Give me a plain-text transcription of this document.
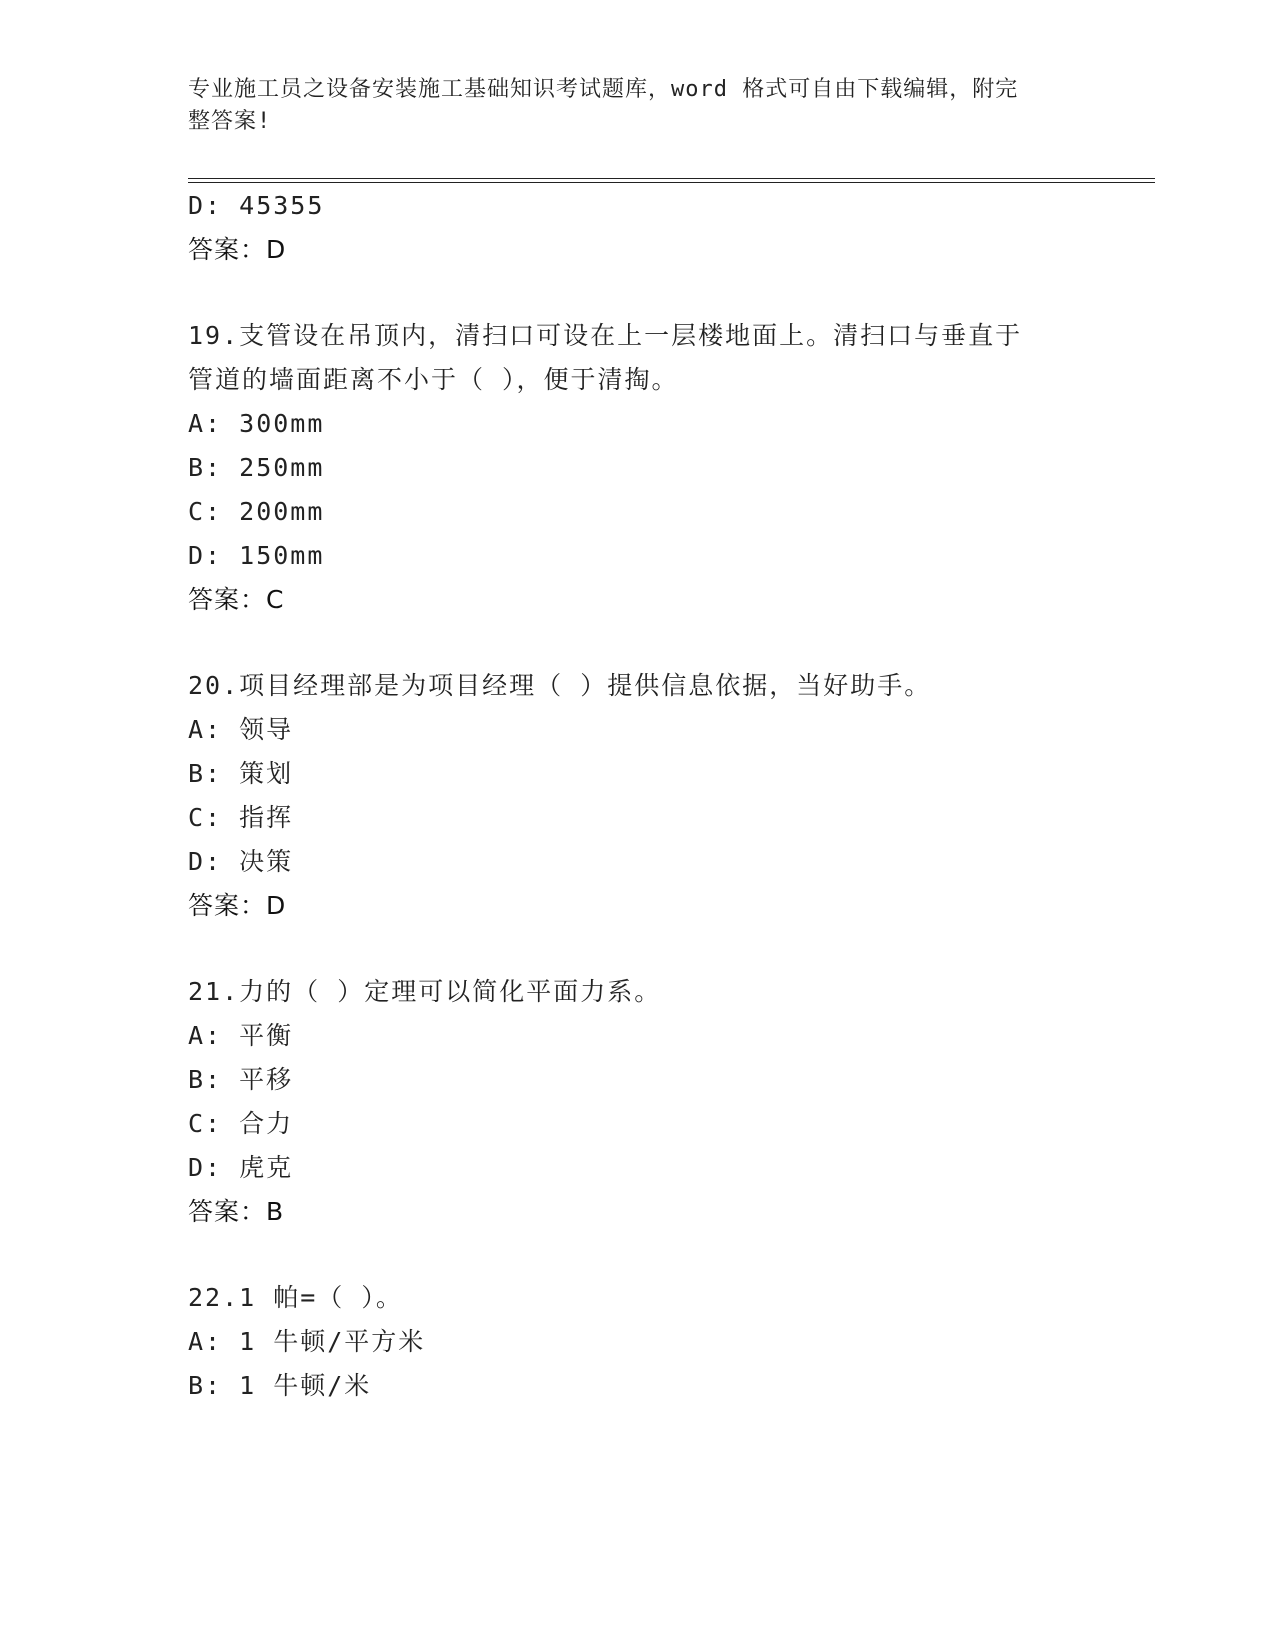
专业施工员之设备安装施工基础知识考试题库，word 格式可自由下载编辑，附完
整答案!
D: 45355
答案：D
19.支管设在吊顶内，清扫口可设在上一层楼地面上。清扫口与垂直于
管道的墙面距离不小于（ ），便于清掏。
A: 300mm
B: 250mm
C: 200mm
D: 150mm
答案：C
20.项目经理部是为项目经理（ ）提供信息依据，当好助手。
A: 领导
B: 策划
C: 指挥
D: 决策
答案：D
21.力的（ ）定理可以简化平面力系。
A: 平衡
B: 平移
C: 合力
D: 虎克
答案：B
22.1 帕=（ ）。
A: 1 牛顿/平方米
B: 1 牛顿/米
